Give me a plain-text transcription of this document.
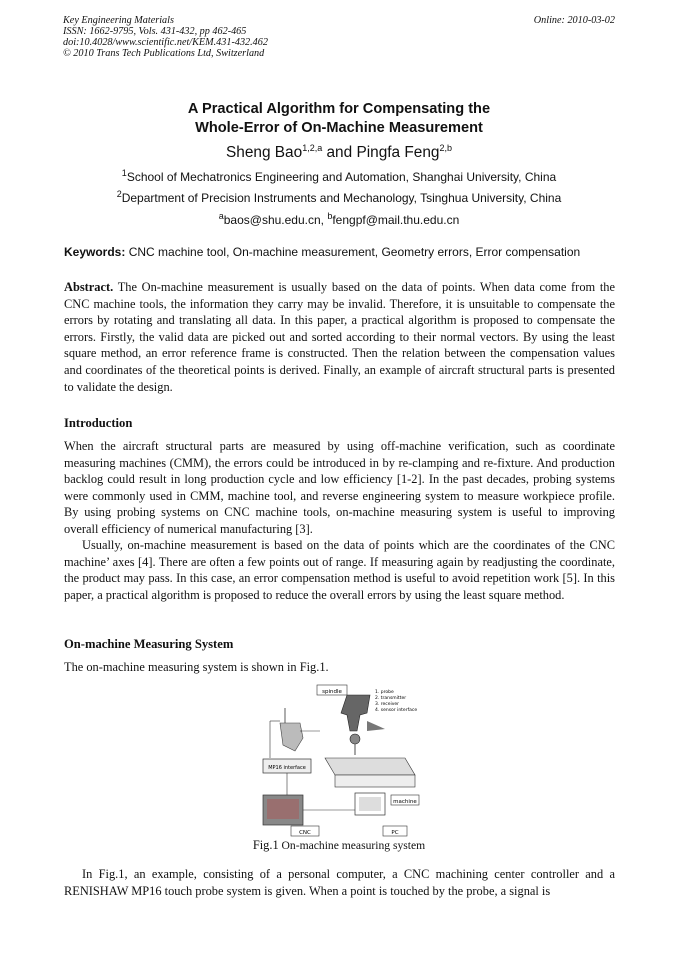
Key Engineering Materials
ISSN: 1662-9795, Vols. 431-432, pp 462-465
doi:10.4028/www.scientific.net/KEM.431-432.462
© 2010 Trans Tech Publications Ltd, Switzerland
Online: 2010-03-02
A Practical Algorithm for Compensating the
Whole-Error of On-Machine Measurement
Sheng Bao$^{1,2,a}$ and Pingfa Feng$^{2,b}$
$^1$School of Mechatronics Engineering and Automation, Shanghai University, China
$^2$Department of Precision Instruments and Mechanology, Tsinghua University, China
$^a$baos@shu.edu.cn, $^b$fengpf@mail.thu.edu.cn
Keywords: CNC machine tool, On-machine measurement, Geometry errors, Error compensation

Abstract. The On-machine measurement is usually based on the data of points. When data come from the CNC machine tools, the information they carry may be invalid. Therefore, it is unsuitable to compensate the errors by rotating and translating all data. In this paper, a practical algorithm is proposed to compensate the errors. Firstly, the valid data are picked out and sorted according to their normal vectors. By using the least square method, an error reference frame is constructed. Then the relation between the compensation values and coordinates of the theoretical points is derived. Finally, an example of aircraft structural parts is presented to validate the design.

Introduction

When the aircraft structural parts are measured by using off-machine verification, such as coordinate measuring machines (CMM), the errors could be introduced in by re-clamping and re-fixture. And production backlog could result in long production cycle and low efficiency [1-2]. In the past decades, probing systems were commonly used in CMM, machine tool, and reverse engineering system to measure workpiece profile. By using probing systems on CNC machine tools, on-machine measuring system is useful to improving overall efficiency of numerical manufacturing [3].

Usually, on-machine measurement is based on the data of points which are the coordinates of the CNC machine’ axes [4]. There are often a few points out of range. If measuring again by readjusting the coordinate, the product may pass. In this case, an error compensation method is useful to avoid repetition work [5]. In this paper, a practical algorithm is proposed to reduce the overall errors by using the least square method.

On-machine Measuring System

The on-machine measuring system is shown in Fig.1.

MP16 interface
spindle	1. probe
2. transmitter
3. receiver
4. sensor interface
machine
CNC	PC
Fig.1 On-machine measuring system

In Fig.1, an example, consisting of a personal computer, a CNC machining center controller and a RENISHAW MP16 touch probe system is given. When a point is touched by the probe, a signal is
